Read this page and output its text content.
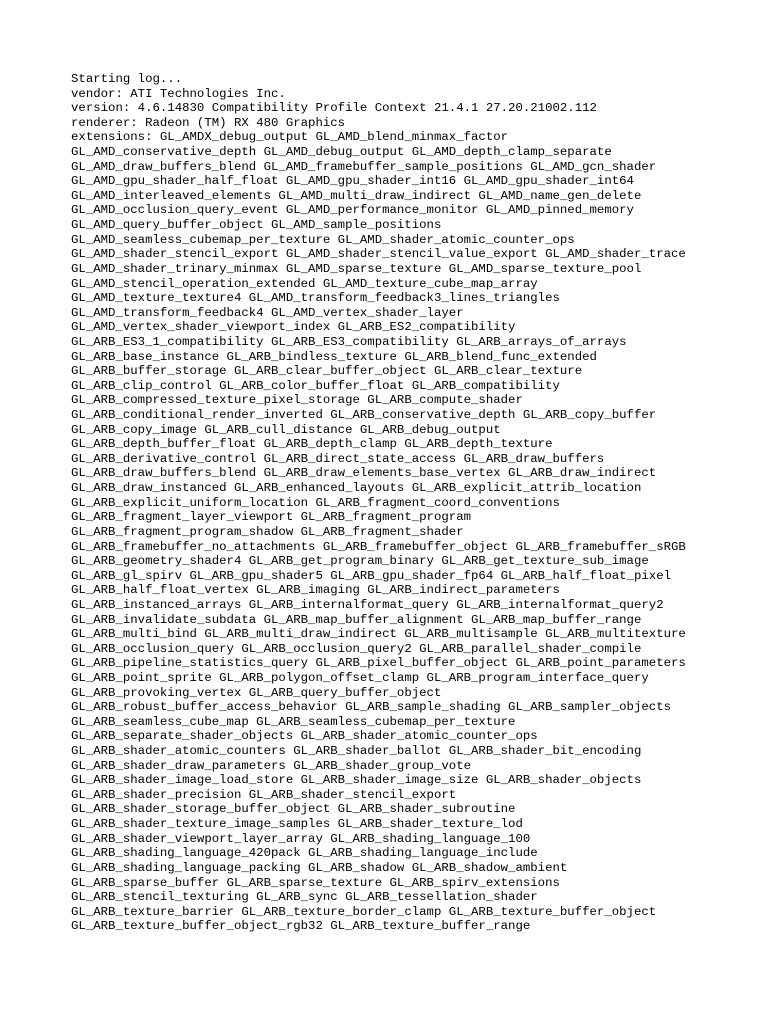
Starting log...
vendor: ATI Technologies Inc.
version: 4.6.14830 Compatibility Profile Context 21.4.1 27.20.21002.112
renderer: Radeon (TM) RX 480 Graphics
extensions: GL_AMDX_debug_output GL_AMD_blend_minmax_factor
GL_AMD_conservative_depth GL_AMD_debug_output GL_AMD_depth_clamp_separate
GL_AMD_draw_buffers_blend GL_AMD_framebuffer_sample_positions GL_AMD_gcn_shader
GL_AMD_gpu_shader_half_float GL_AMD_gpu_shader_int16 GL_AMD_gpu_shader_int64
GL_AMD_interleaved_elements GL_AMD_multi_draw_indirect GL_AMD_name_gen_delete
GL_AMD_occlusion_query_event GL_AMD_performance_monitor GL_AMD_pinned_memory
GL_AMD_query_buffer_object GL_AMD_sample_positions
GL_AMD_seamless_cubemap_per_texture GL_AMD_shader_atomic_counter_ops
GL_AMD_shader_stencil_export GL_AMD_shader_stencil_value_export GL_AMD_shader_trace
GL_AMD_shader_trinary_minmax GL_AMD_sparse_texture GL_AMD_sparse_texture_pool
GL_AMD_stencil_operation_extended GL_AMD_texture_cube_map_array
GL_AMD_texture_texture4 GL_AMD_transform_feedback3_lines_triangles
GL_AMD_transform_feedback4 GL_AMD_vertex_shader_layer
GL_AMD_vertex_shader_viewport_index GL_ARB_ES2_compatibility
GL_ARB_ES3_1_compatibility GL_ARB_ES3_compatibility GL_ARB_arrays_of_arrays
GL_ARB_base_instance GL_ARB_bindless_texture GL_ARB_blend_func_extended
GL_ARB_buffer_storage GL_ARB_clear_buffer_object GL_ARB_clear_texture
GL_ARB_clip_control GL_ARB_color_buffer_float GL_ARB_compatibility
GL_ARB_compressed_texture_pixel_storage GL_ARB_compute_shader
GL_ARB_conditional_render_inverted GL_ARB_conservative_depth GL_ARB_copy_buffer
GL_ARB_copy_image GL_ARB_cull_distance GL_ARB_debug_output
GL_ARB_depth_buffer_float GL_ARB_depth_clamp GL_ARB_depth_texture
GL_ARB_derivative_control GL_ARB_direct_state_access GL_ARB_draw_buffers
GL_ARB_draw_buffers_blend GL_ARB_draw_elements_base_vertex GL_ARB_draw_indirect
GL_ARB_draw_instanced GL_ARB_enhanced_layouts GL_ARB_explicit_attrib_location
GL_ARB_explicit_uniform_location GL_ARB_fragment_coord_conventions
GL_ARB_fragment_layer_viewport GL_ARB_fragment_program
GL_ARB_fragment_program_shadow GL_ARB_fragment_shader
GL_ARB_framebuffer_no_attachments GL_ARB_framebuffer_object GL_ARB_framebuffer_sRGB
GL_ARB_geometry_shader4 GL_ARB_get_program_binary GL_ARB_get_texture_sub_image
GL_ARB_gl_spirv GL_ARB_gpu_shader5 GL_ARB_gpu_shader_fp64 GL_ARB_half_float_pixel
GL_ARB_half_float_vertex GL_ARB_imaging GL_ARB_indirect_parameters
GL_ARB_instanced_arrays GL_ARB_internalformat_query GL_ARB_internalformat_query2
GL_ARB_invalidate_subdata GL_ARB_map_buffer_alignment GL_ARB_map_buffer_range
GL_ARB_multi_bind GL_ARB_multi_draw_indirect GL_ARB_multisample GL_ARB_multitexture
GL_ARB_occlusion_query GL_ARB_occlusion_query2 GL_ARB_parallel_shader_compile
GL_ARB_pipeline_statistics_query GL_ARB_pixel_buffer_object GL_ARB_point_parameters
GL_ARB_point_sprite GL_ARB_polygon_offset_clamp GL_ARB_program_interface_query
GL_ARB_provoking_vertex GL_ARB_query_buffer_object
GL_ARB_robust_buffer_access_behavior GL_ARB_sample_shading GL_ARB_sampler_objects
GL_ARB_seamless_cube_map GL_ARB_seamless_cubemap_per_texture
GL_ARB_separate_shader_objects GL_ARB_shader_atomic_counter_ops
GL_ARB_shader_atomic_counters GL_ARB_shader_ballot GL_ARB_shader_bit_encoding
GL_ARB_shader_draw_parameters GL_ARB_shader_group_vote
GL_ARB_shader_image_load_store GL_ARB_shader_image_size GL_ARB_shader_objects
GL_ARB_shader_precision GL_ARB_shader_stencil_export
GL_ARB_shader_storage_buffer_object GL_ARB_shader_subroutine
GL_ARB_shader_texture_image_samples GL_ARB_shader_texture_lod
GL_ARB_shader_viewport_layer_array GL_ARB_shading_language_100
GL_ARB_shading_language_420pack GL_ARB_shading_language_include
GL_ARB_shading_language_packing GL_ARB_shadow GL_ARB_shadow_ambient
GL_ARB_sparse_buffer GL_ARB_sparse_texture GL_ARB_spirv_extensions
GL_ARB_stencil_texturing GL_ARB_sync GL_ARB_tessellation_shader
GL_ARB_texture_barrier GL_ARB_texture_border_clamp GL_ARB_texture_buffer_object
GL_ARB_texture_buffer_object_rgb32 GL_ARB_texture_buffer_range
